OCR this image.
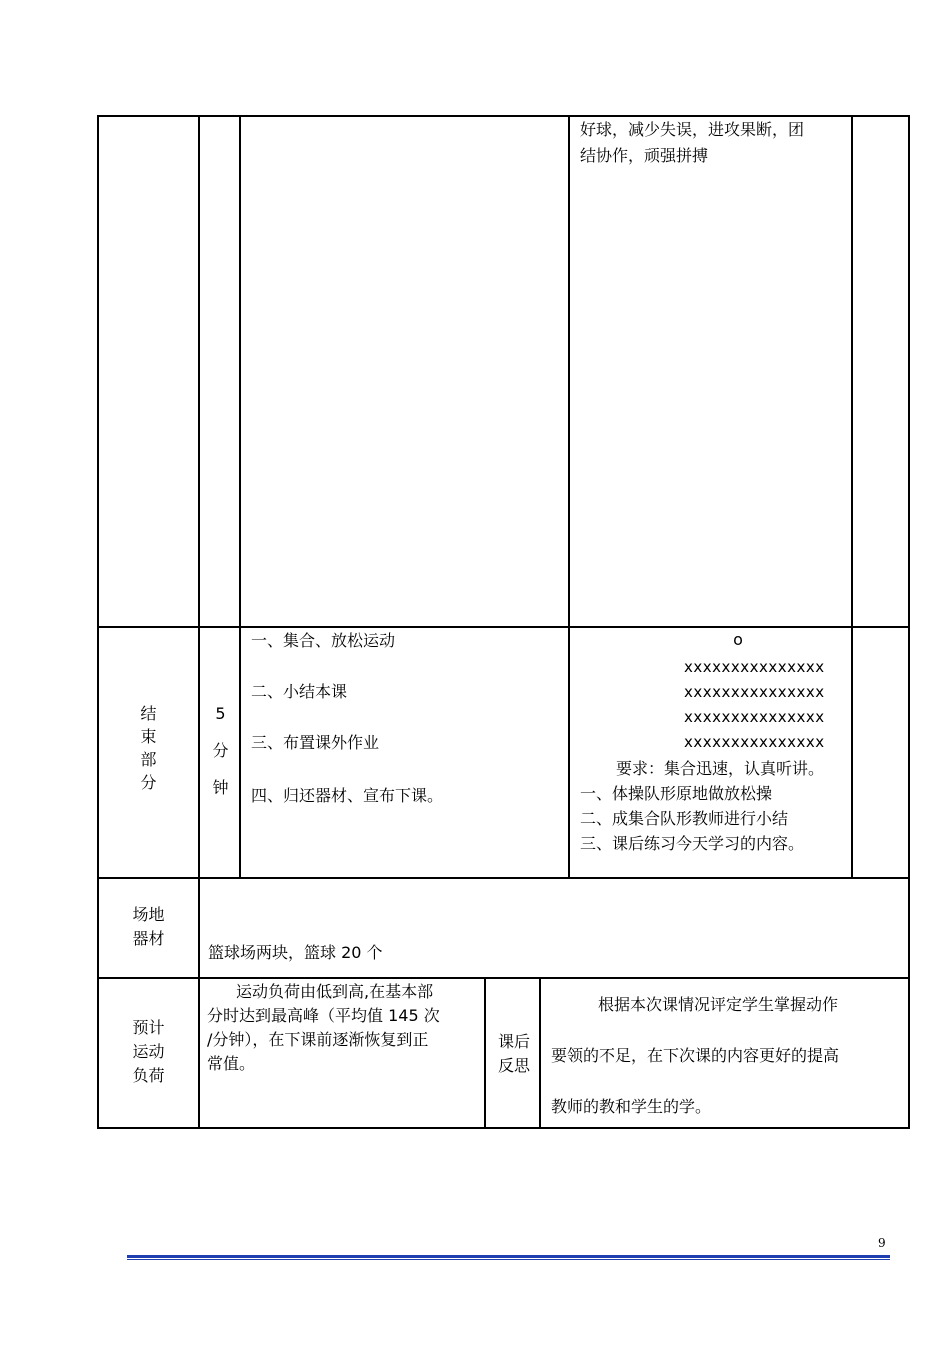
好球，减少失误，进攻果断，团
结协作，顽强拼搏
结
束
部
分
5
分
钟
一、集合、放松运动
二、小结本课
三、布置课外作业
四、归还器材、宣布下课。
o
xxxxxxxxxxxxxxx
xxxxxxxxxxxxxxx
xxxxxxxxxxxxxxx
xxxxxxxxxxxxxxx
要求：集合迅速，认真听讲。
一、体操队形原地做放松操
二、成集合队形教师进行小结
三、课后练习今天学习的内容。
场地
器材
篮球场两块，篮球 20 个
预计
运动
负荷
运动负荷由低到高,在基本部
分时达到最高峰（平均值 145 次
/分钟），在下课前逐渐恢复到正
常值。
课后
反思
根据本次课情况评定学生掌握动作
要领的不足，在下次课的内容更好的提高
教师的教和学生的学。
9
